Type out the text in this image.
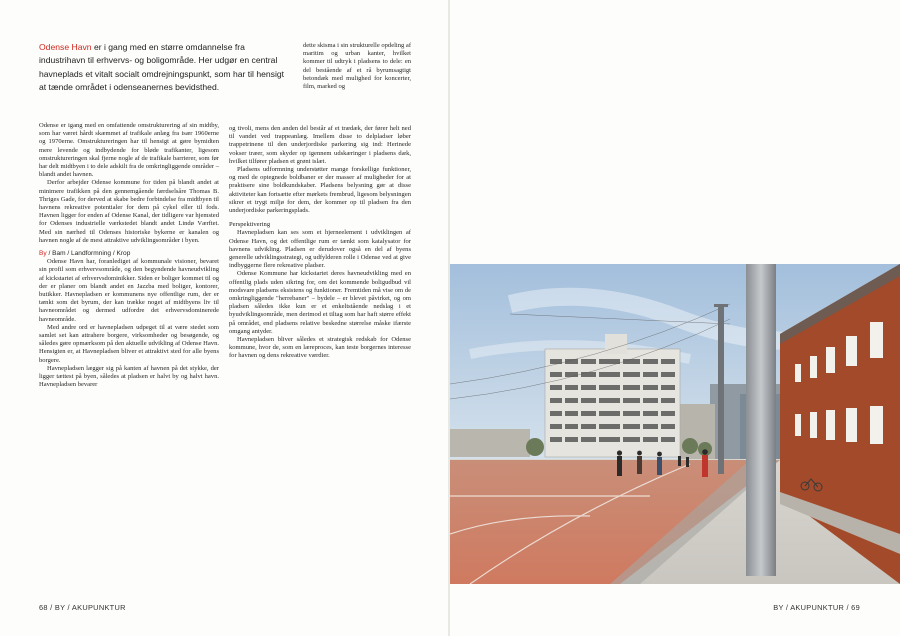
Odense Havn er i gang med en større omdannelse fra industrihavn til erhvervs- og boligområde. Her udgør en central havneplads et vitalt socialt omdrejningspunkt, som har til hensigt at tænde området i odenseanernes bevidsthed.

dette skisma i sin strukturelle opdeling af maritim og urban kanter, hvilket kommer til udtryk i pladsens to dele: en del bestående af et rå byrumsagtigt betondæk med mulighed for koncerter, film, marked og

Odense er igang med en omfattende omstrukturering af sin midtby, som har været hårdt skæmmet af trafikale anlæg fra især 1960erne og 1970erne. Omstruktureringen har til hensigt at gøre bymidten mere levende og indbydende for bløde trafikanter, ligesom omstruktureringen skal fjerne nogle af de trafikale barrierer, som før har delt midtbyen i to dele adskilt fra de omkringliggende områder – blandt andet havnen.

Derfor arbejder Odense kommune for tiden på blandt andet at minimere trafikken på den gennemgående færdselsåre Thomas B. Thriges Gade, for derved at skabe bedre forbindelse fra midtbyen til havnens rekreative potentialer for dem på cykel eller til fods. Havnen ligger for enden af Odense Kanal, der tidligere var hjemsted for Odenses industrielle værkstedet blandt andet Lindø Værftet. Med sin nærhed til Odenses historiske bykerne er kanalen og havnen nogle af de mest attraktive udviklingsområder i byen.

By / Bam / Landformning / Krop

Odense Havn har, foranlediget af kommunale visioner, bevaret sin profil som erhvervsområde, og den begyndende havneudvikling af kickstartet af erhvervsdominikker. Siden er boliger kommet til og der er planer om blandt andet en Jazzba med boliger, kontorer, butikker. Havnepladsen er kommunens nye offentlige rum, der er tænkt som det byrum, der kan trække noget af midtbyens liv til havneområdet og dermed udfordre det erhvervsdominerede havneområde.

Med andre ord er havnepladsen udpeget til at være stedet som samlet set kan attrahere borgere, virksomheder og besøgende, og således gøre opmærksom på den aktuelle udvikling af Odense Havn. Hensigten er, at Havnepladsen bliver et attraktivt sted for alle byens borgere.

Havnepladsen lægger sig på kanten af havnen på det stykke, der ligger tættest på byen, således at pladsen er halvt by og halvt havn. Havnepladsen bevarer

og tivoli, mens den anden del består af et trædæk, der fører helt ned til vandet ved trappeanlæg. Imellem disse to delpladser løber trappetrinene til den underjordiske parkering sig ind: Herinede vokser træer, som skyder op igennem udskæringer i pladsens dæk, hvilket tilfører pladsen et grønt islæt.

Pladsens udformning understøtter mange forskellige funktioner, og med de optegnede boldbaner er der masser af muligheder for at praktisere sine boldkundskaber. Pladsens belysning gør at disse aktiviteter kan fortsætte efter mørkets frembrud, ligesom belysningen sikrer et trygt miljø for dem, der kommer op til pladsen fra den underjordiske parkeringsplads.

Perspektivering

Havnepladsen kan ses som et hjerneelement i udviklingen af Odense Havn, og det offentlige rum er tænkt som katalysator for havnens udvikling. Pladsen er derudover også en del af byens generelle udviklingsstrategi, og udfylderen rolle i Odense ved at give indbyggerne flere rekreative pladser.

Odense Kommune har kickstartet deres havneudvikling med en offentlig plads uden sikring for, om det kommende boligudbud vil modsvare pladsens eksistens og funktioner. Fremtiden må vise om de omkringliggende "herrebaner" – bydele – er blevet påvirket, og om pladsen således ikke kun er et enkeltstående nedslag i et byudviklingsområde, men derimod et tiltag som har haft større effekt på området, end pladsens relative beskedne størrelse måske ifærste omgang antyder.

Havnepladsen bliver således et strategisk redskab for Odense kommune, hvor de, som en læreproces, kan teste borgernes interesse for havnen og dens rekreative værdier.

68 / BY / AKUPUNKTUR	BY / AKUPUNKTUR / 69
